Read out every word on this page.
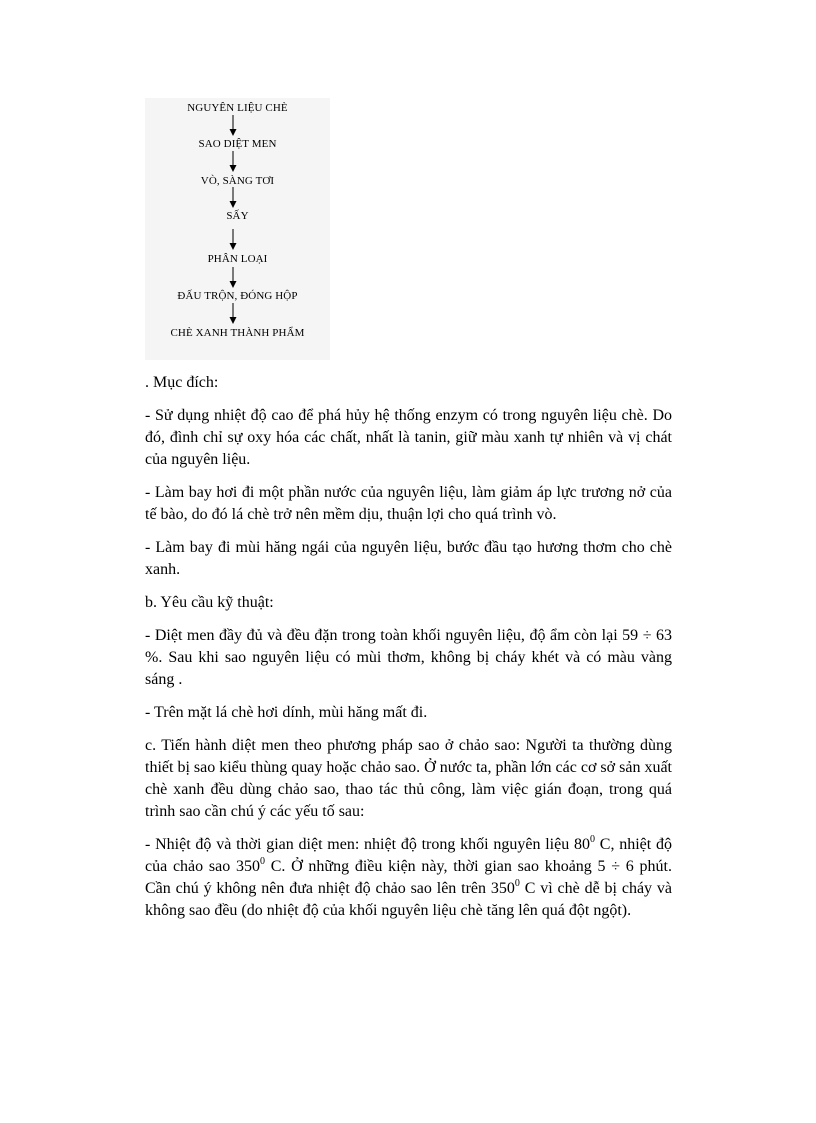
NGUYÊN LIỆU CHÈ
SAO DIỆT MEN
VÒ, SÀNG TƠI
SẤY
PHÂN LOẠI
ĐẤU TRỘN, ĐÓNG HỘP
CHÈ XANH THÀNH PHẨM

. Mục đích:

- Sử dụng nhiệt độ cao để phá hủy hệ thống enzym có trong nguyên liệu chè. Do đó, đình chỉ sự oxy hóa các chất, nhất là tanin, giữ màu xanh tự nhiên và vị chát của nguyên liệu.

- Làm bay hơi đi một phần nước của nguyên liệu, làm giảm áp lực trương nở của tế bào, do đó lá chè trở nên mềm dịu, thuận lợi cho quá trình vò.

- Làm bay đi mùi hăng ngái của nguyên liệu, bước đầu tạo hương thơm cho chè xanh.

b. Yêu cầu kỹ thuật:

- Diệt men đầy đủ và đều đặn trong toàn khối nguyên liệu, độ ẩm còn lại 59 ÷ 63 %. Sau khi sao nguyên liệu có mùi thơm, không bị cháy khét và có màu vàng sáng .

- Trên mặt lá chè hơi dính, mùi hăng mất đi.

c. Tiến hành diệt men theo phương pháp sao ở chảo sao: Người ta thường dùng thiết bị sao kiểu thùng quay hoặc chảo sao. Ở nước ta, phần lớn các cơ sở sản xuất chè xanh đều dùng chảo sao, thao tác thủ công, làm việc gián đoạn, trong quá trình sao cần chú ý các yếu tố sau:

- Nhiệt độ và thời gian diệt men: nhiệt độ trong khối nguyên liệu $80^0$ C, nhiệt độ của chảo sao $350^0$ C. Ở những điều kiện này, thời gian sao khoảng 5 ÷ 6 phút. Cần chú ý không nên đưa nhiệt độ chảo sao lên trên $350^0$ C vì chè dễ bị cháy và không sao đều (do nhiệt độ của khối nguyên liệu chè tăng lên quá đột ngột).
